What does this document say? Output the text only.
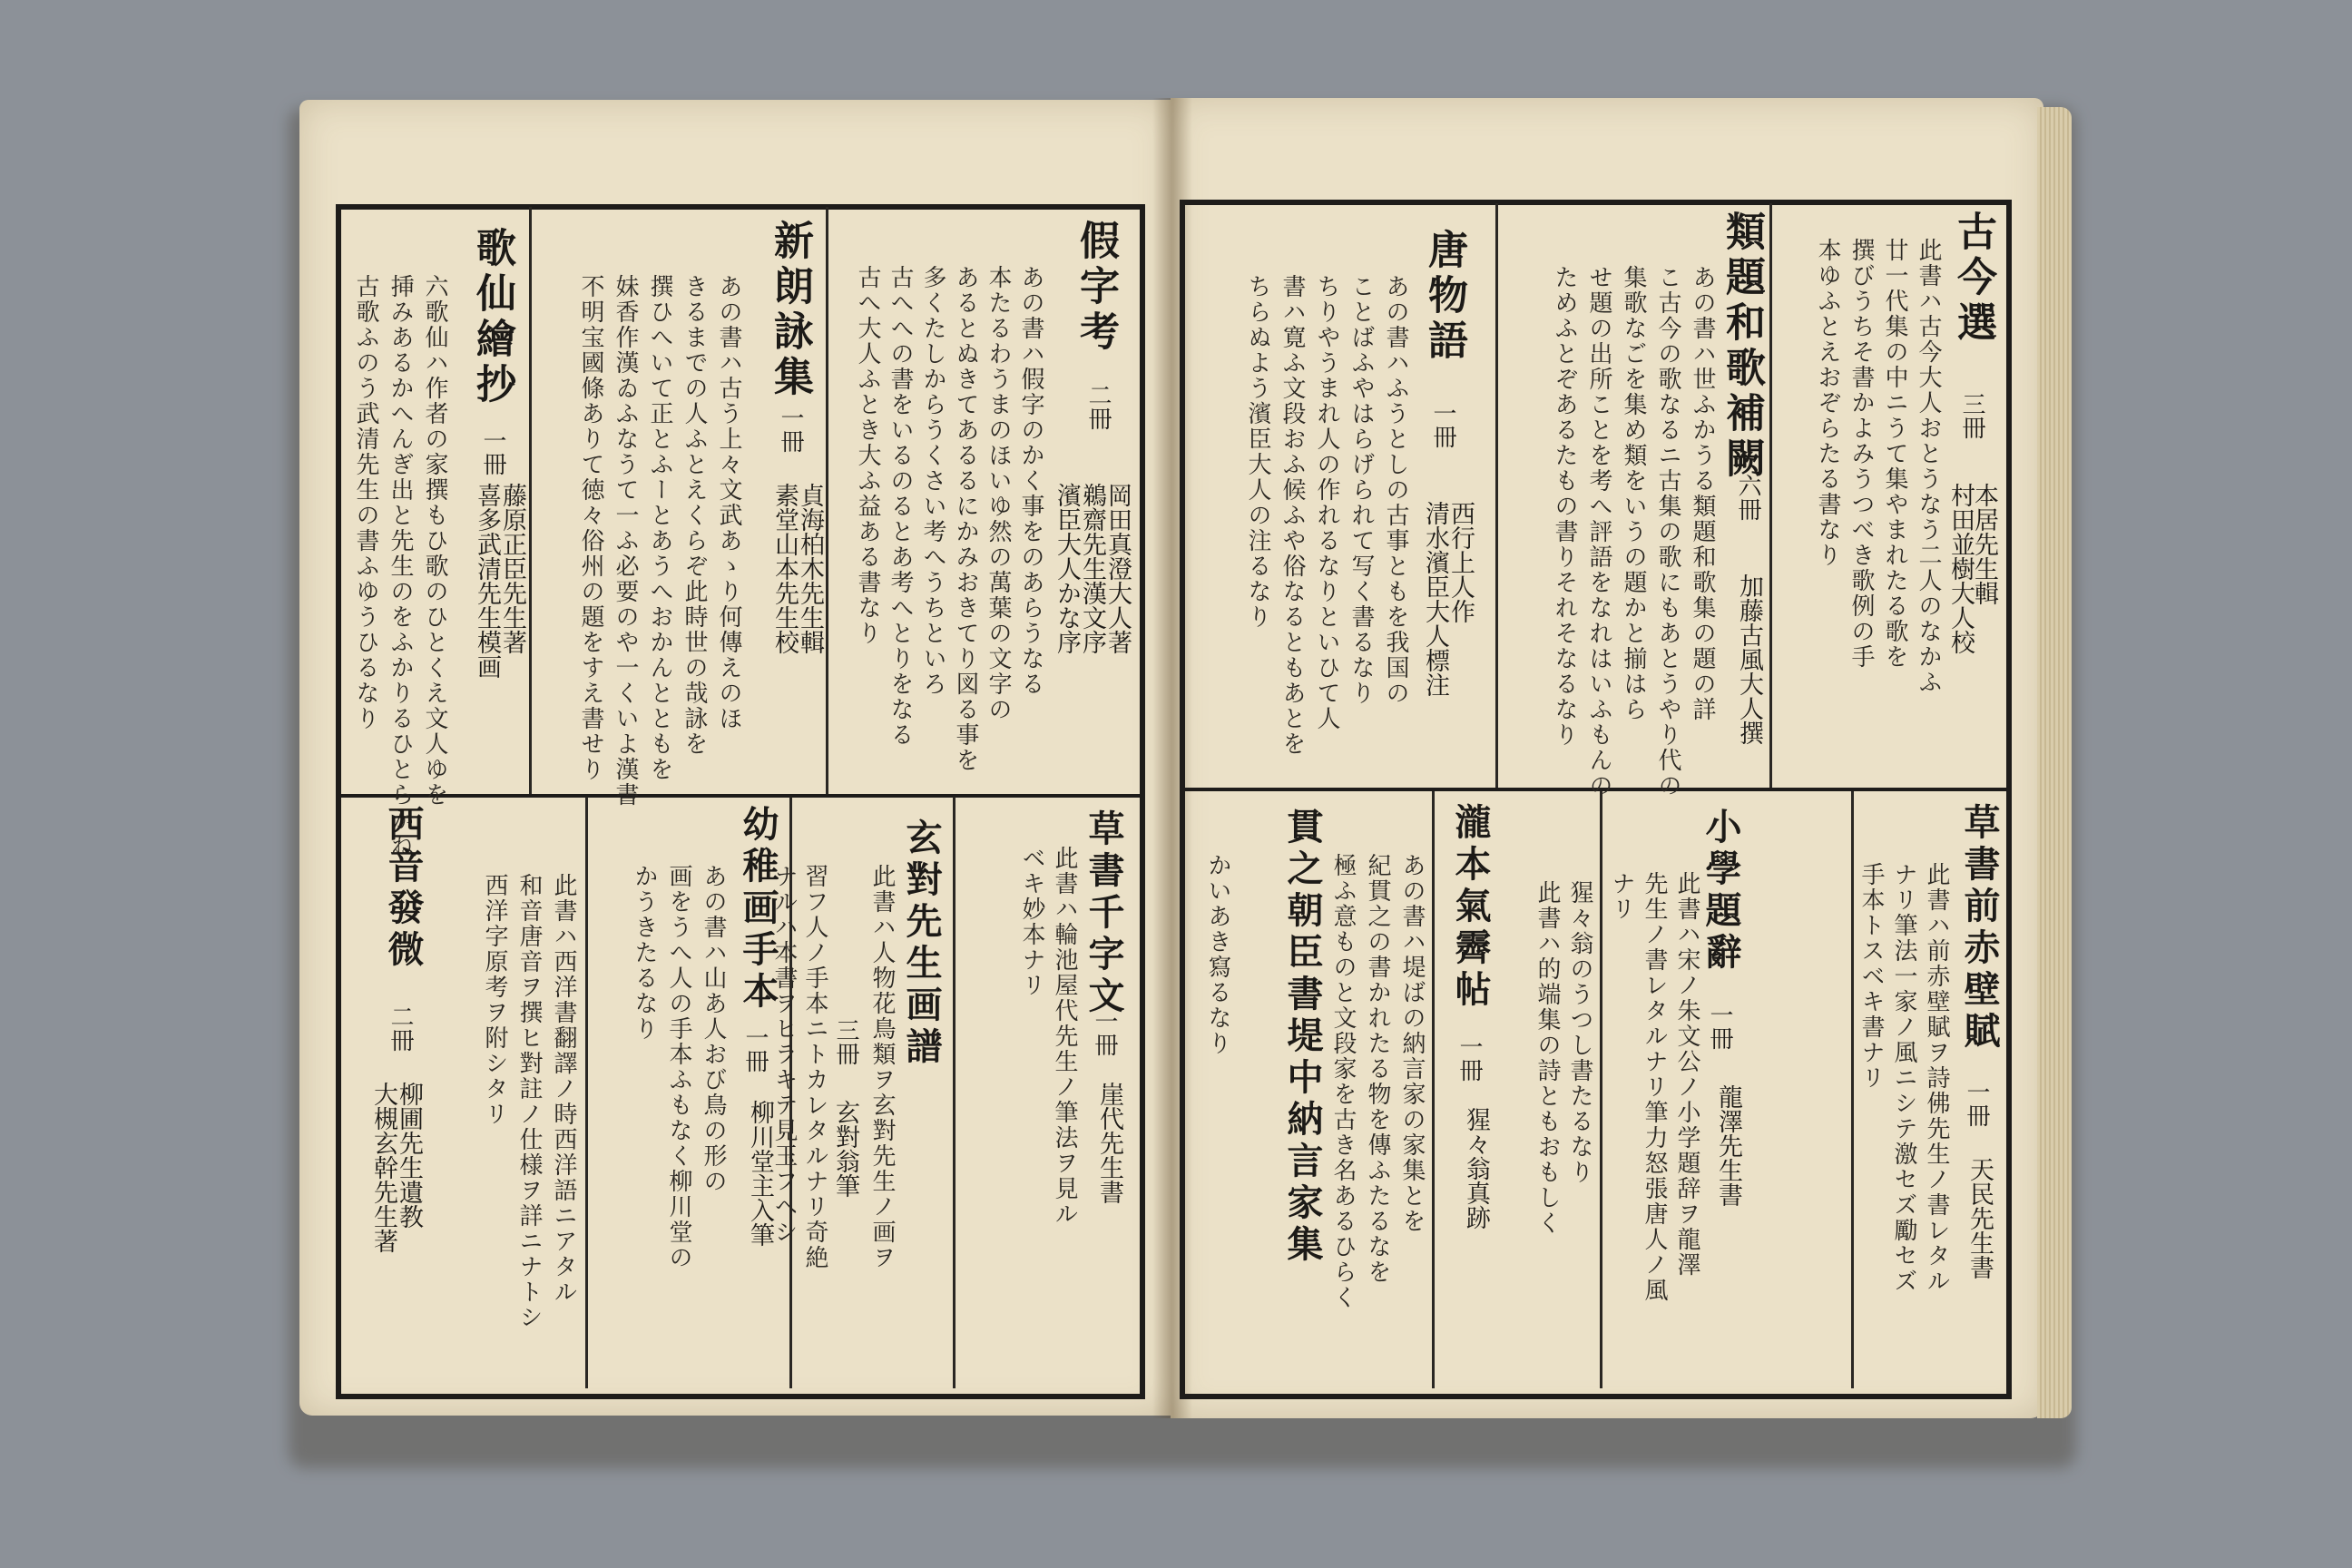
古今選
三冊
本居先生輯
村田並樹大人校
此書ハ古今大人おとうなう二人のなかふ
廿一代集の中ニうて集やまれたる歌を
撰びうちそ書かよみうつべき歌例の手
本ゆふとえおぞらたる書なり
類題和歌補闕
六冊
加藤古風大人撰
あの書ハ世ふかうる類題和歌集の題の詳
こ古今の歌なるニ古集の歌にもあとうやり代の
集歌なごを集め類をいうの題かと揃はら
せ題の出所ことを考へ評語をなれはいふもんの
ためふとぞあるたもの書りそれそなるなり
唐物語
一冊
西行上人作
清水濱臣大人標注
あの書ハふうとしの古事ともを我国の
ことばふやはらげられて写く書るなり
ちりやうまれ人の作れるなりといひて人
書ハ寛ふ文段おふ候ふや俗なるともあとを
ちらぬよう濱臣大人の注るなり
草書前赤壁賦
一冊
天民先生書
此書ハ前赤壁賦ヲ詩佛先生ノ書レタル
ナリ筆法一家ノ風ニシテ激セズ勵セズ
手本トスベキ書ナリ
小學題辭
一冊
龍澤先生書
此書ハ宋ノ朱文公ノ小学題辞ヲ龍澤
先生ノ書レタルナリ筆力怒張唐人ノ風
ナリ
瀧本氣霽帖
一冊
猩々翁真跡 此書ハ的端集の詩ともおもしく 猩々翁のうつし書たるなり
貫之朝臣書堤中納言家集	あの書ハ堤ばの納言家の家集とを
紀貫之の書かれたる物を傳ふたるなを
極ふ意ものと文段家を古き名あるひらく
かいあき寫るなり
假字考
二冊
岡田真澄大人著
鵜齋先生漢文序
濱臣大人かな序
あの書ハ假字のかく事をのあらうなる
本たるわうまのほいゆ然の萬葉の文字の
あるとぬきてあるるにかみおきてり図る事を
多くたしからうくさい考へうちといろ
古へへの書をいるのるとあ考へとりをなる
古へ大人ふとき大ふ益ある書なり
新朗詠集
一冊
貞海柏木先生輯
素堂山本先生校
あの書ハ古う上々文武あゝり何傳えのほ
きるまでの人ふとえくらぞ此時世の哉詠を
撰ひへいて正とふーとあうへおかんとともを
妹香作漢ゐふなうて一ふ必要のや一くいよ漢書
不明宝國條ありて徳々俗州の題をすえ書せり
歌仙繪抄
一冊
藤原正臣先生著
喜多武清先生模画
六歌仙ハ作者の家撰もひ歌のひとくえ文人ゆを
挿みあるかへんぎ出と先生のをふかりるひとらかね
古歌ふのう武清先生の書ふゆうひるなり
草書千字文
一冊
崖代先生書
此書ハ輪池屋代先生ノ筆法ヲ見ル
ベキ妙本ナリ
玄對先生画譜
三冊
玄對翁筆 此書ハ人物花鳥類ヲ玄對先生ノ画ヲ
習フ人ノ手本ニトカレタルナリ奇絶
ナルハ本書ヲヒラキテ見玉フヘシ
幼稚画手本
一冊
柳川堂主入筆
あの書ハ山あ人おび鳥の形の
画をうへ人の手本ふもなく柳川堂の
かうきたるなり
西音發微
二冊
柳圃先生遺教
大槻玄幹先生著	此書ハ西洋書翻譯ノ時西洋語ニアタル
和音唐音ヲ撰ヒ對註ノ仕様ヲ詳ニナトシ
西洋字原考ヲ附シタリ
